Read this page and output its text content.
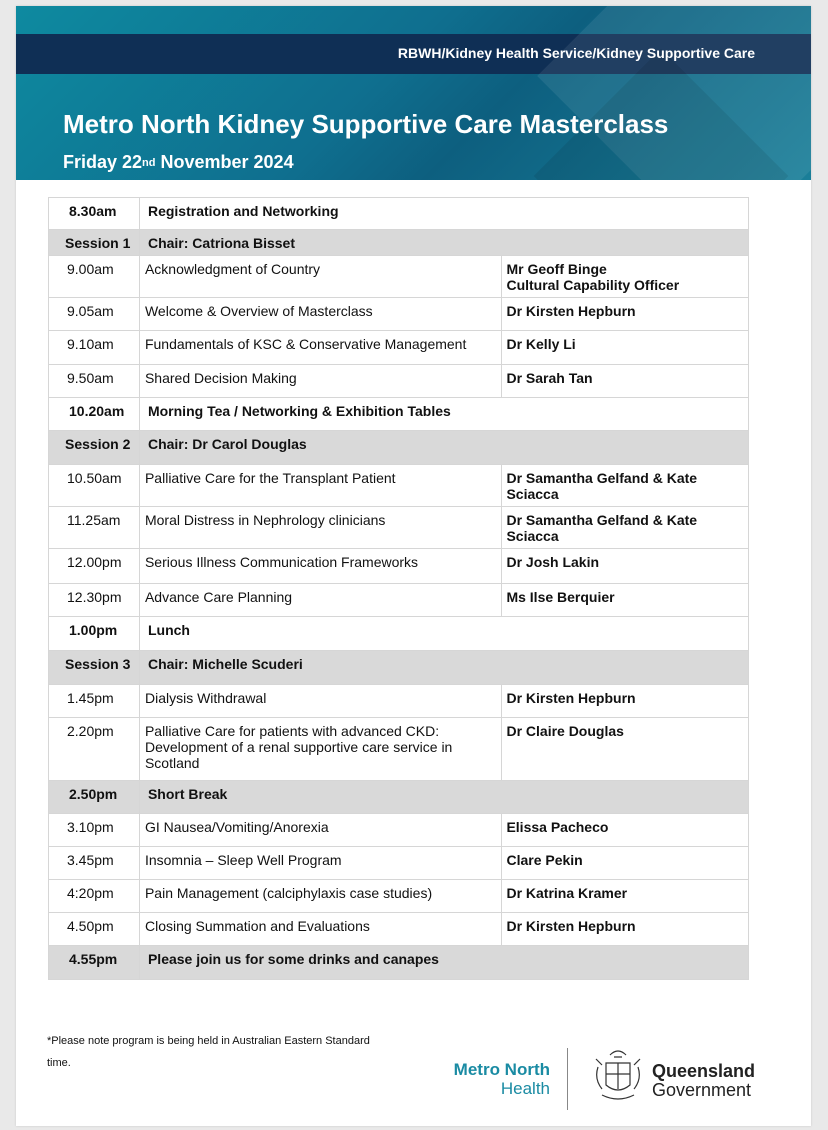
RBWH/Kidney Health Service/Kidney Supportive Care
Metro North Kidney Supportive Care Masterclass
Friday 22nd November 2024
8.30am	Registration and Networking	

Session 1	Chair: Catriona Bisset	

9.00am	Acknowledgment of Country	Mr Geoff Binge
Cultural Capability Officer

9.05am	Welcome & Overview of Masterclass	Dr Kirsten Hepburn

9.10am	Fundamentals of KSC & Conservative Management	Dr Kelly Li

9.50am	Shared Decision Making	Dr Sarah Tan

10.20am	Morning Tea / Networking & Exhibition Tables	

Session 2	Chair: Dr Carol Douglas	

10.50am	Palliative Care for the Transplant Patient	Dr Samantha Gelfand & Kate Sciacca

11.25am	Moral Distress in Nephrology clinicians	Dr Samantha Gelfand & Kate Sciacca

12.00pm	Serious Illness Communication Frameworks	Dr Josh Lakin

12.30pm	Advance Care Planning	Ms Ilse Berquier

1.00pm	Lunch	

Session 3	Chair: Michelle Scuderi	

1.45pm	Dialysis Withdrawal	Dr Kirsten Hepburn

2.20pm	Palliative Care for patients with advanced CKD: Development of a renal supportive care service in Scotland	Dr Claire Douglas

2.50pm	Short Break	

3.10pm	GI Nausea/Vomiting/Anorexia	Elissa Pacheco

3.45pm	Insomnia – Sleep Well Program	Clare Pekin

4:20pm	Pain Management (calciphylaxis case studies)	Dr Katrina Kramer

4.50pm	Closing Summation and Evaluations	Dr Kirsten Hepburn

4.55pm	Please join us for some drinks and canapes	
*Please note program is being held in Australian Eastern Standard time.	Metro North
Health
Queensland
Government
